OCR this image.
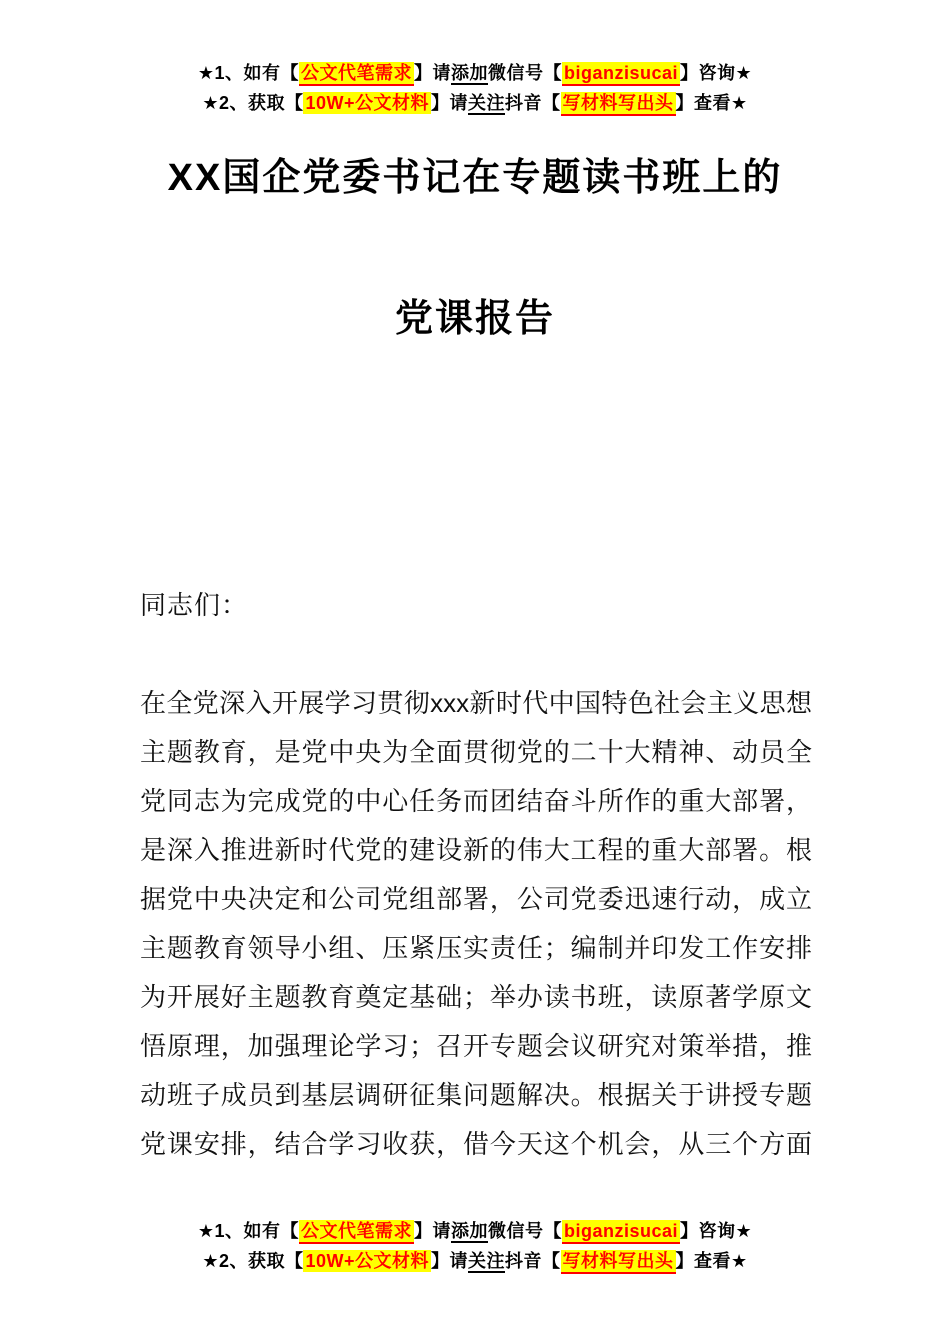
★1、如有【 公文代笔需求 】请添加微信号【 biganzisucai 】咨询★
★2、获取【 10W+公文材料 】请关注抖音【 写材料写出头 】查看★
XX国企党委书记在专题读书班上的
党课报告
同志们：
在全党深入开展学习贯彻xxx新时代中国特色社会主义思想
主题教育，是党中央为全面贯彻党的二十大精神、动员全
党同志为完成党的中心任务而团结奋斗所作的重大部署，
是深入推进新时代党的建设新的伟大工程的重大部署。根
据党中央决定和公司党组部署，公司党委迅速行动，成立
主题教育领导小组、压紧压实责任；编制并印发工作安排
为开展好主题教育奠定基础；举办读书班，读原著学原文
悟原理，加强理论学习；召开专题会议研究对策举措，推
动班子成员到基层调研征集问题解决。根据关于讲授专题
党课安排，结合学习收获，借今天这个机会，从三个方面
★1、如有【 公文代笔需求 】请添加微信号【 biganzisucai 】咨询★
★2、获取【 10W+公文材料 】请关注抖音【 写材料写出头 】查看★
